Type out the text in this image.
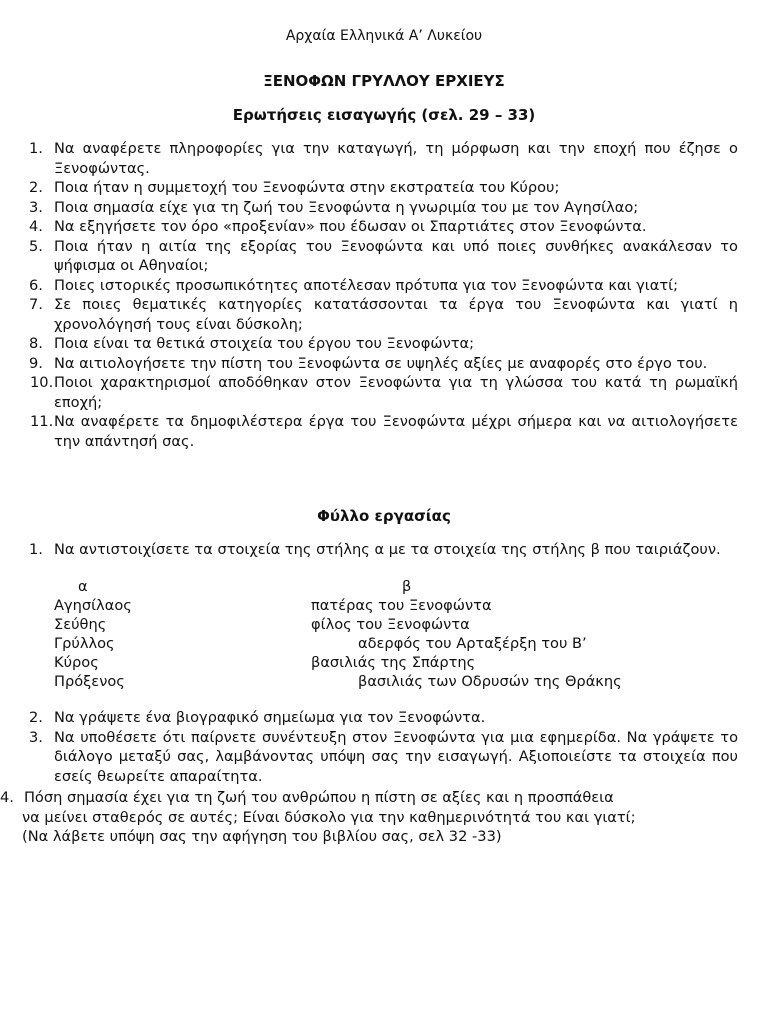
Αρχαία Ελληνικά Α’ Λυκείου
ΞΕΝΟΦΩΝ ΓΡΥΛΛΟΥ ΕΡΧΙΕΥΣ
Ερωτήσεις εισαγωγής (σελ. 29 – 33)
1. Να αναφέρετε πληροφορίες για την καταγωγή, τη μόρφωση και την εποχή που έζησε ο Ξενοφώντας.
2. Ποια ήταν η συμμετοχή του Ξενοφώντα στην εκστρατεία του Κύρου;
3. Ποια σημασία είχε για τη ζωή του Ξενοφώντα η γνωριμία του με τον Αγησίλαο;
4. Να εξηγήσετε τον όρο «προξενίαν» που έδωσαν οι Σπαρτιάτες στον Ξενοφώντα.
5. Ποια ήταν η αιτία της εξορίας του Ξενοφώντα και υπό ποιες συνθήκες ανακάλεσαν το ψήφισμα οι Αθηναίοι;
6. Ποιες ιστορικές προσωπικότητες αποτέλεσαν πρότυπα για τον Ξενοφώντα και γιατί;
7. Σε ποιες θεματικές κατηγορίες κατατάσσονται τα έργα του Ξενοφώντα και γιατί η χρονολόγησή τους είναι δύσκολη;
8. Ποια είναι τα θετικά στοιχεία του έργου του Ξενοφώντα;
9. Να αιτιολογήσετε την πίστη του Ξενοφώντα σε υψηλές αξίες με αναφορές στο έργο του.
10. Ποιοι χαρακτηρισμοί αποδόθηκαν στον Ξενοφώντα για τη γλώσσα του κατά τη ρωμαϊκή εποχή;
11. Να αναφέρετε τα δημοφιλέστερα έργα του Ξενοφώντα μέχρι σήμερα και να αιτιολογήσετε την απάντησή σας.
Φύλλο εργασίας
1. Να αντιστοιχίσετε τα στοιχεία της στήλης α με τα στοιχεία της στήλης β που ταιριάζουν.
α	β
Αγησίλαος	πατέρας του Ξενοφώντα
Σεύθης	φίλος του Ξενοφώντα
Γρύλλος	αδερφός του Αρταξέρξη του Β’
Κύρος	βασιλιάς της Σπάρτης
Πρόξενος	βασιλιάς των Οδρυσών της Θράκης
2. Να γράψετε ένα βιογραφικό σημείωμα για τον Ξενοφώντα.
3. Να υποθέσετε ότι παίρνετε συνέντευξη στον Ξενοφώντα για μια εφημερίδα. Να γράψετε το διάλογο μεταξύ σας, λαμβάνοντας υπόψη σας την εισαγωγή. Αξιοποιείστε τα στοιχεία που εσείς θεωρείτε απαραίτητα.
4. Πόση σημασία έχει για τη ζωή του ανθρώπου η πίστη σε αξίες και η προσπάθεια
να μείνει σταθερός σε αυτές; Είναι δύσκολο για την καθημερινότητά του και γιατί;
(Να λάβετε υπόψη σας την αφήγηση του βιβλίου σας, σελ 32 -33)
